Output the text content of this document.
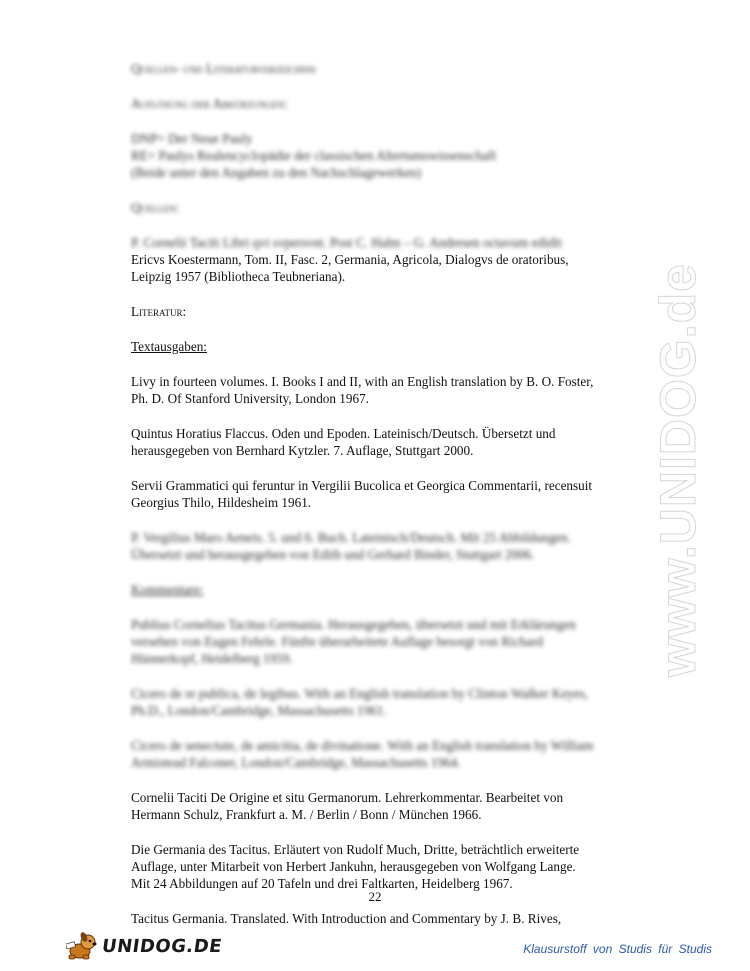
www.UNIDOG.de

Quellen- und Literaturverzeichnis

Auflösung der Abkürzungen:

DNP= Der Neue Pauly
RE= Paulys Realencyclopädie der classischen Altertumswissenschaft
(Beide unter den Angaben zu den Nachschlagewerken)

Quellen:

P. Cornelii Taciti Libri qvi svpersvnt. Post C. Halm – G. Andresen octavum edidit

Ericvs Koestermann, Tom. II, Fasc. 2, Germania, Agricola, Dialogvs de oratoribus,
Leipzig 1957 (Bibliotheca Teubneriana).

Literatur:

Textausgaben:

Livy in fourteen volumes. I. Books I and II, with an English translation by B. O. Foster,
Ph. D. Of Stanford University, London 1967.

Quintus Horatius Flaccus. Oden und Epoden. Lateinisch/Deutsch. Übersetzt und
herausgegeben von Bernhard Kytzler. 7. Auflage, Stuttgart 2000.

Servii Grammatici qui feruntur in Vergilii Bucolica et Georgica Commentarii, recensuit
Georgius Thilo, Hildesheim 1961.

P. Vergilius Maro Aeneis. 5. und 6. Buch. Lateinisch/Deutsch. Mit 25 Abbildungen.
Übersetzt und herausgegeben von Edith und Gerhard Binder, Stuttgart 2006.

Kommentare:

Publius Cornelius Tacitus Germania. Herausgegeben, übersetzt und mit Erklärungen
versehen von Eugen Fehrle. Fünfte überarbeitete Auflage besorgt von Richard
Hünnerkopf, Heidelberg 1959.

Cicero de re publica, de legibus. With an English translation by Clinton Walker Keyes,
Ph.D., London/Cambridge, Massachusetts 1961.

Cicero de senectute, de amicitia, de divinatione. With an English translation by William
Armistead Falconer, London/Cambridge, Massachusetts 1964.

Cornelii Taciti De Origine et situ Germanorum. Lehrerkommentar. Bearbeitet von
Hermann Schulz, Frankfurt a. M. / Berlin / Bonn / München 1966.

Die Germania des Tacitus. Erläutert von Rudolf Much, Dritte, beträchtlich erweiterte
Auflage, unter Mitarbeit von Herbert Jankuhn, herausgegeben von Wolfgang Lange.
Mit 24 Abbildungen auf 20 Tafeln und drei Faltkarten, Heidelberg 1967.

Tacitus Germania. Translated. With Introduction and Commentary by J. B. Rives,

22
UNIDOG.DE	Klausurstoff von Studis für Studis
